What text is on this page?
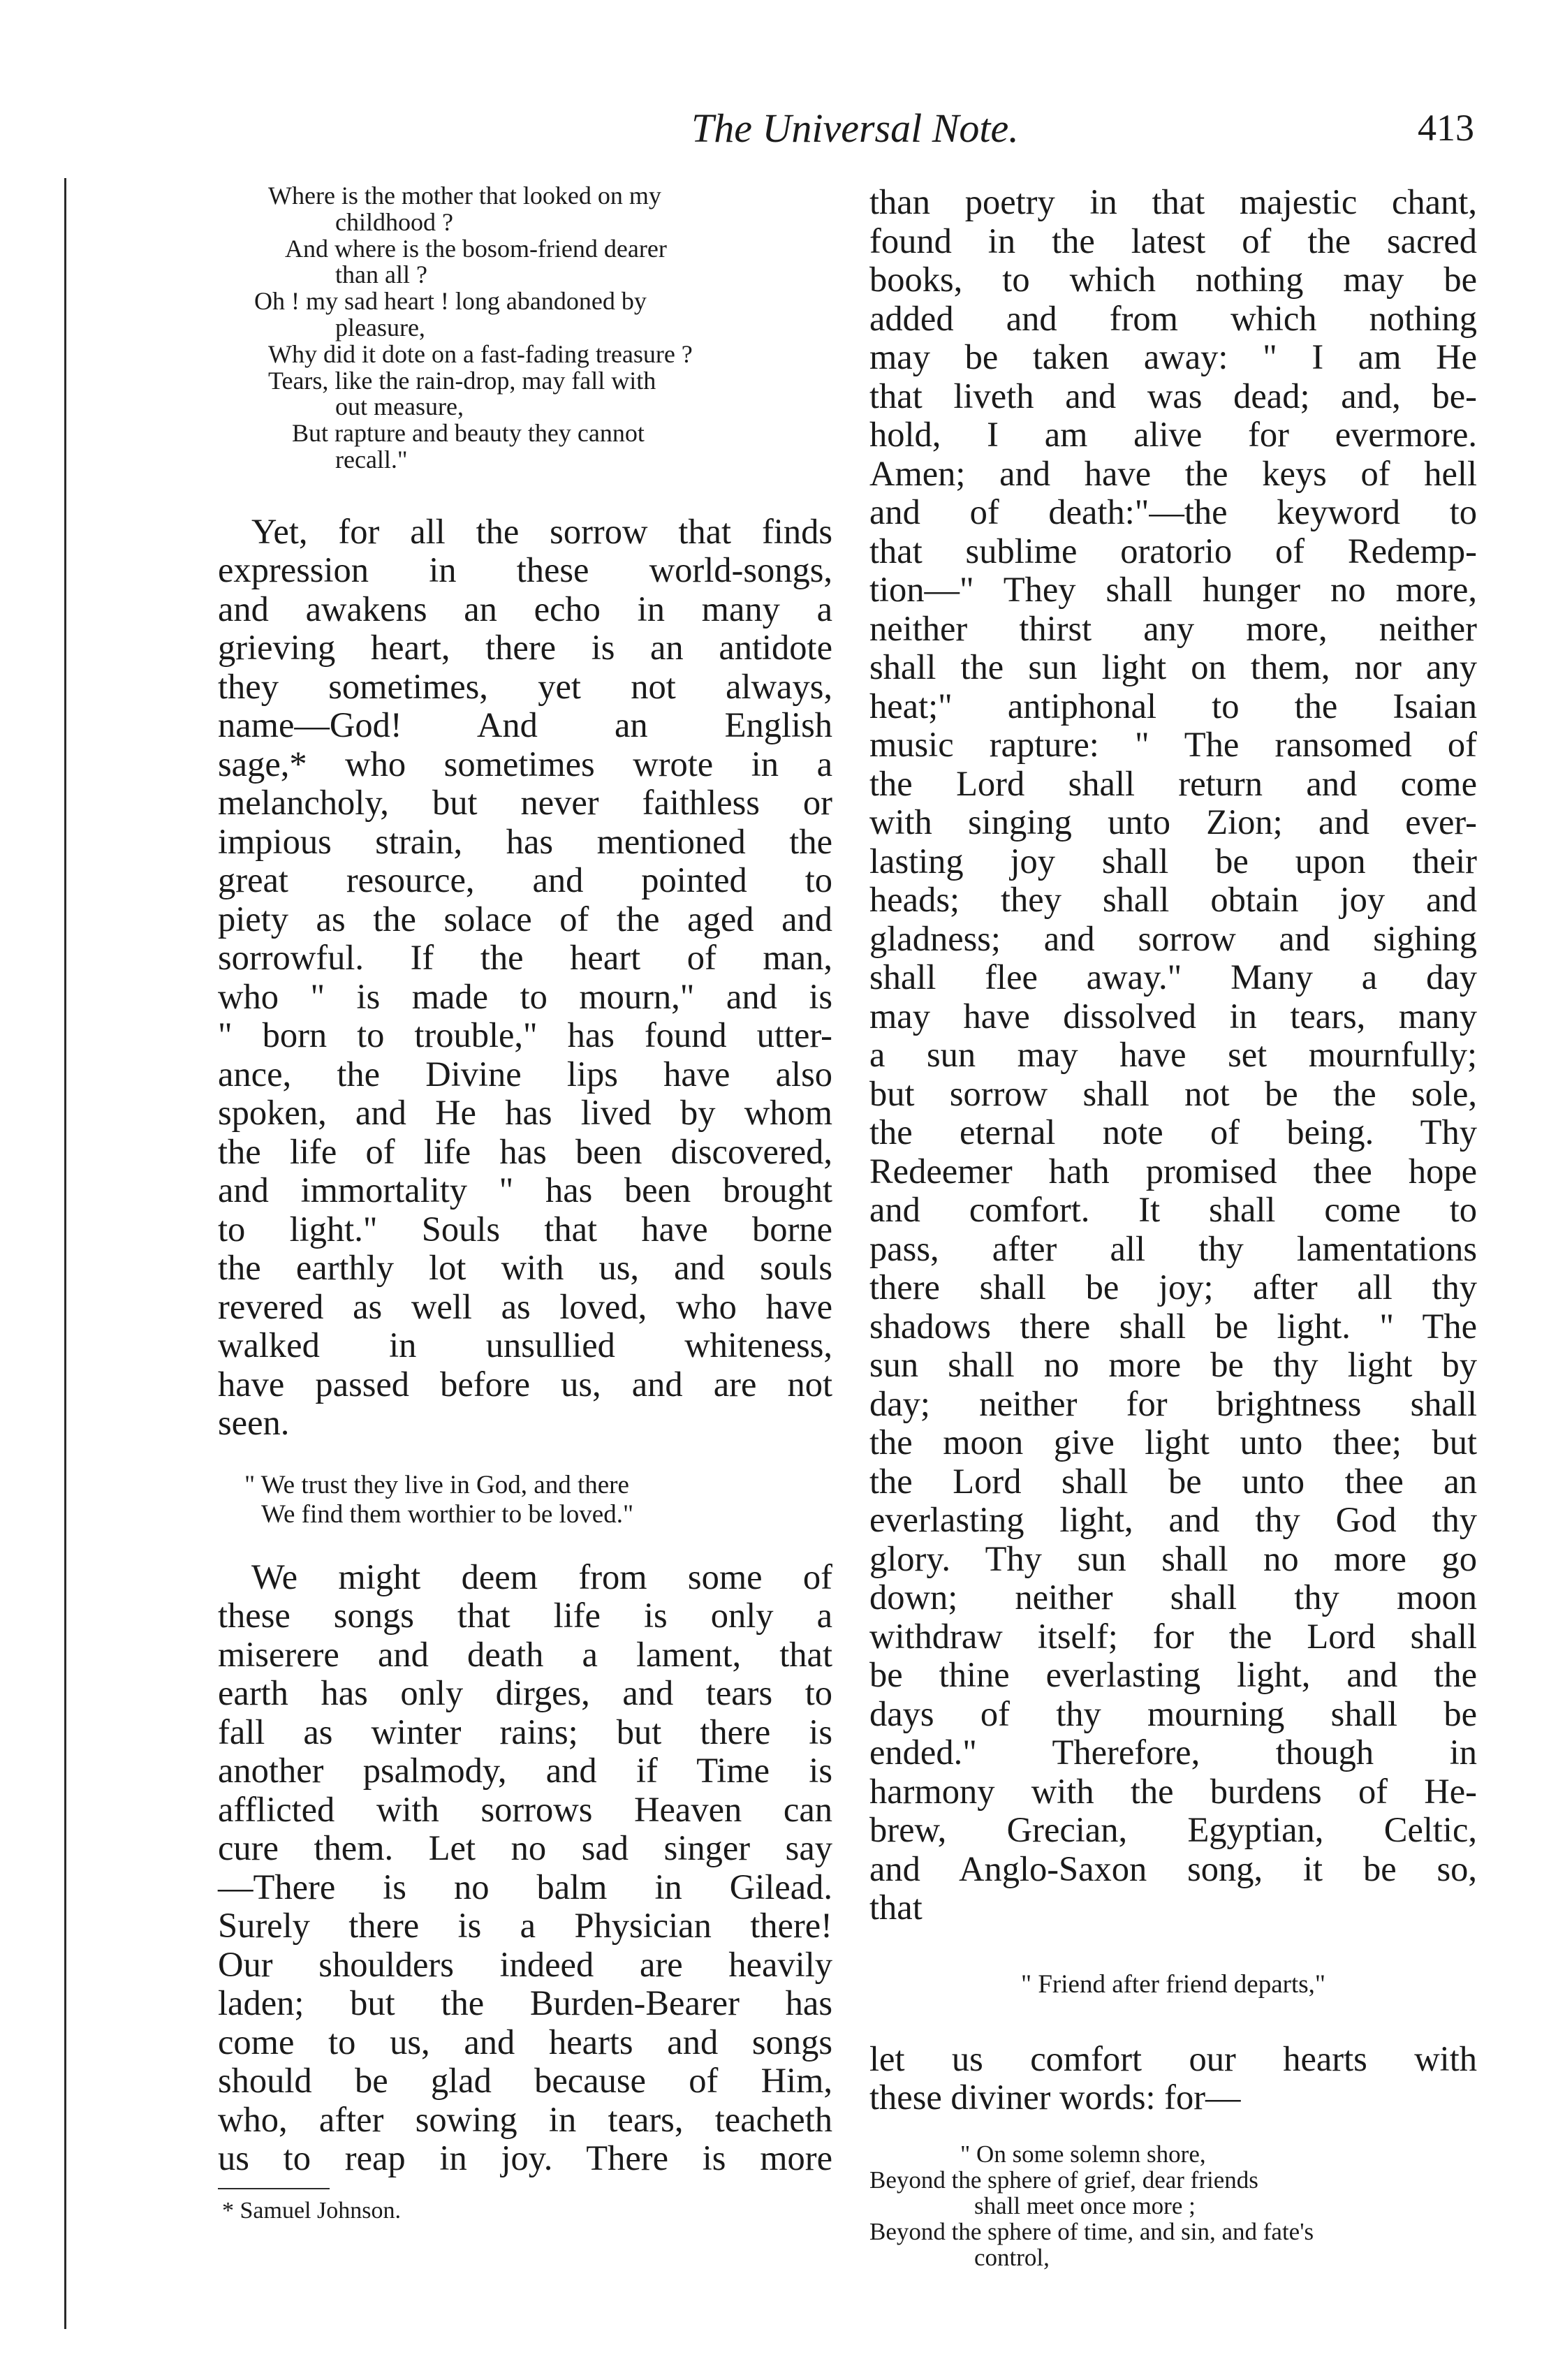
The Universal Note.	413
Where is the mother that looked on my
childhood ?
And where is the bosom-friend dearer
than all ?
Oh ! my sad heart ! long abandoned by
pleasure,
Why did it dote on a fast-fading treasure ?
Tears, like the rain-drop, may fall with
out measure,
But rapture and beauty they cannot
recall."
Yet, for all the sorrow that finds
expression in these world-songs,
and awakens an echo in many a
grieving heart, there is an antidote
they sometimes, yet not always,
name—God! And an English
sage,* who sometimes wrote in a
melancholy, but never faithless or
impious strain, has mentioned the
great resource, and pointed to
piety as the solace of the aged and
sorrowful. If the heart of man,
who " is made to mourn," and is
" born to trouble," has found utter-
ance, the Divine lips have also
spoken, and He has lived by whom
the life of life has been discovered,
and immortality " has been brought
to light." Souls that have borne
the earthly lot with us, and souls
revered as well as loved, who have
walked in unsullied whiteness,
have passed before us, and are not
seen.
" We trust they live in God, and there
We find them worthier to be loved."
We might deem from some of
these songs that life is only a
miserere and death a lament, that
earth has only dirges, and tears to
fall as winter rains; but there is
another psalmody, and if Time is
afflicted with sorrows Heaven can
cure them. Let no sad singer say
—There is no balm in Gilead.
Surely there is a Physician there!
Our shoulders indeed are heavily
laden; but the Burden-Bearer has
come to us, and hearts and songs
should be glad because of Him,
who, after sowing in tears, teacheth
us to reap in joy. There is more
* Samuel Johnson.
than poetry in that majestic chant,
found in the latest of the sacred
books, to which nothing may be
added and from which nothing
may be taken away: " I am He
that liveth and was dead; and, be-
hold, I am alive for evermore.
Amen; and have the keys of hell
and of death:"—the keyword to
that sublime oratorio of Redemp-
tion—" They shall hunger no more,
neither thirst any more, neither
shall the sun light on them, nor any
heat;" antiphonal to the Isaian
music rapture: " The ransomed of
the Lord shall return and come
with singing unto Zion; and ever-
lasting joy shall be upon their
heads; they shall obtain joy and
gladness; and sorrow and sighing
shall flee away." Many a day
may have dissolved in tears, many
a sun may have set mournfully;
but sorrow shall not be the sole,
the eternal note of being. Thy
Redeemer hath promised thee hope
and comfort. It shall come to
pass, after all thy lamentations
there shall be joy; after all thy
shadows there shall be light. " The
sun shall no more be thy light by
day; neither for brightness shall
the moon give light unto thee; but
the Lord shall be unto thee an
everlasting light, and thy God thy
glory. Thy sun shall no more go
down; neither shall thy moon
withdraw itself; for the Lord shall
be thine everlasting light, and the
days of thy mourning shall be
ended." Therefore, though in
harmony with the burdens of He-
brew, Grecian, Egyptian, Celtic,
and Anglo-Saxon song, it be so,
that
" Friend after friend departs,"
let us comfort our hearts with
these diviner words: for—
" On some solemn shore,
Beyond the sphere of grief, dear friends
shall meet once more ;
Beyond the sphere of time, and sin, and fate's
control,
